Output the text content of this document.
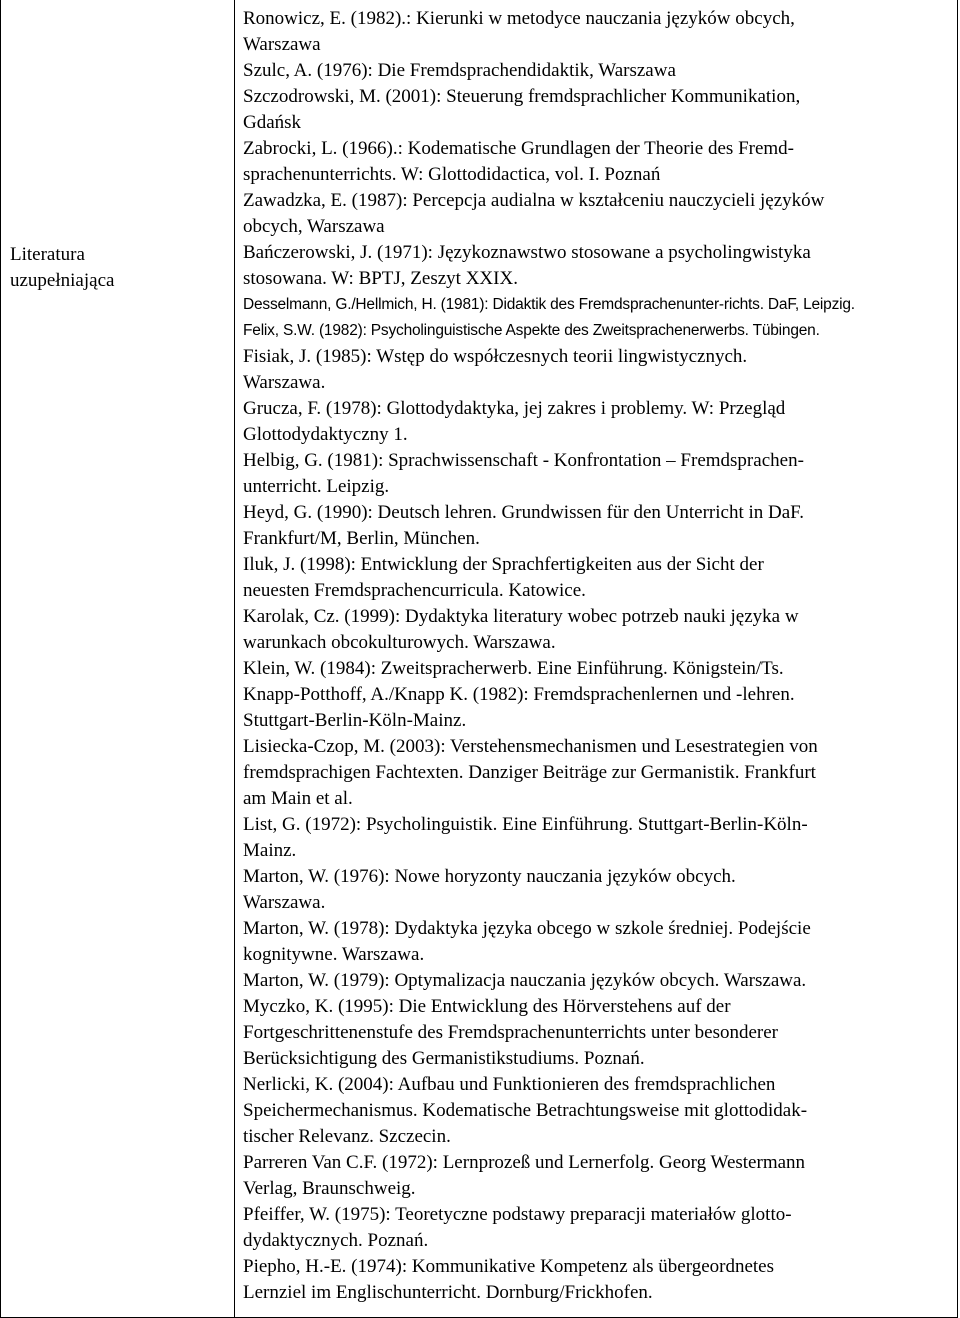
Literatura
uzupełniająca
Ronowicz, E. (1982).: Kierunki w metodyce nauczania języków obcych,
Warszawa
Szulc, A. (1976): Die Fremdsprachendidaktik, Warszawa
Szczodrowski, M. (2001): Steuerung fremdsprachlicher Kommunikation,
Gdańsk
Zabrocki, L. (1966).: Kodematische Grundlagen der Theorie des Fremd-
sprachenunterrichts. W: Glottodidactica, vol. I. Poznań
Zawadzka, E. (1987): Percepcja audialna w kształceniu nauczycieli języków
obcych, Warszawa
Bańczerowski, J. (1971): Językoznawstwo stosowane a psycholingwistyka
stosowana. W: BPTJ, Zeszyt XXIX.
Desselmann, G./Hellmich, H. (1981): Didaktik des Fremdsprachenunter-richts. DaF, Leipzig.
Felix, S.W. (1982): Psycholinguistische Aspekte des Zweitsprachenerwerbs. Tübingen.
Fisiak, J. (1985): Wstęp do współczesnych teorii lingwistycznych.
Warszawa.
Grucza, F. (1978): Glottodydaktyka, jej zakres i problemy. W: Przegląd
Glottodydaktyczny 1.
Helbig, G. (1981): Sprachwissenschaft - Konfrontation – Fremdsprachen-
unterricht. Leipzig.
Heyd, G. (1990): Deutsch lehren. Grundwissen für den Unterricht in DaF.
Frankfurt/M, Berlin, München.
Iluk, J. (1998): Entwicklung der Sprachfertigkeiten aus der Sicht der
neuesten Fremdsprachencurricula. Katowice.
Karolak, Cz. (1999): Dydaktyka literatury wobec potrzeb nauki języka w
warunkach obcokulturowych. Warszawa.
Klein, W. (1984): Zweitspracherwerb. Eine Einführung. Königstein/Ts.
Knapp-Potthoff, A./Knapp K. (1982): Fremdsprachenlernen und -lehren.
Stuttgart-Berlin-Köln-Mainz.
Lisiecka-Czop, M. (2003): Verstehensmechanismen und Lesestrategien von
fremdsprachigen Fachtexten. Danziger Beiträge zur Germanistik. Frankfurt
am Main et al.
List, G. (1972): Psycholinguistik. Eine Einführung. Stuttgart-Berlin-Köln-
Mainz.
Marton, W. (1976): Nowe horyzonty nauczania języków obcych.
Warszawa.
Marton, W. (1978): Dydaktyka języka obcego w szkole średniej. Podejście
kognitywne. Warszawa.
Marton, W. (1979): Optymalizacja nauczania języków obcych. Warszawa.
Myczko, K. (1995): Die Entwicklung des Hörverstehens auf der
Fortgeschrittenenstufe des Fremdsprachenunterrichts unter besonderer
Berücksichtigung des Germanistikstudiums. Poznań.
Nerlicki, K. (2004): Aufbau und Funktionieren des fremdsprachlichen
Speichermechanismus. Kodematische Betrachtungsweise mit glottodidak-
tischer Relevanz. Szczecin.
Parreren Van C.F. (1972): Lernprozeß und Lernerfolg. Georg Westermann
Verlag, Braunschweig.
Pfeiffer, W. (1975): Teoretyczne podstawy preparacji materiałów glotto-
dydaktycznych. Poznań.
Piepho, H.-E. (1974): Kommunikative Kompetenz als übergeordnetes
Lernziel im Englischunterricht. Dornburg/Frickhofen.
